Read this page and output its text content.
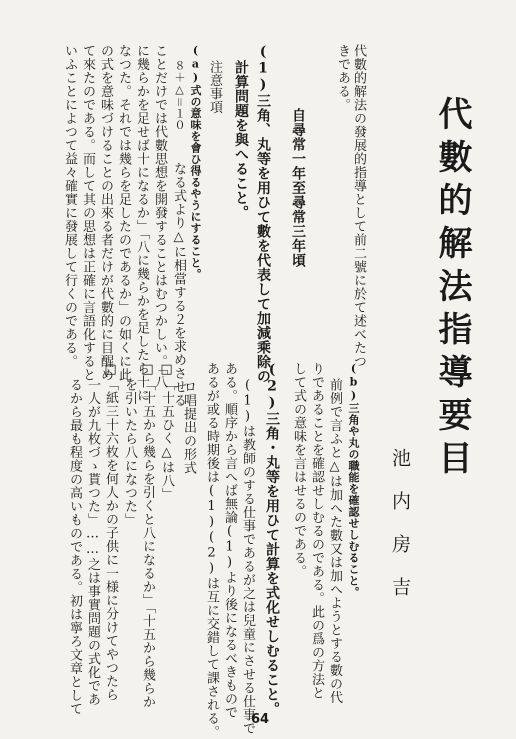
代數的解法指導要目
池内房吉
代數的解法の發展的指導として前二號に於て述べたつ
きである。
自尋常一年至尋常三年頃
(1)三角、丸等を用ひて數を代表して加減乘除の
計算問題を與へること。
注意事項
(a)式の意味を會ひ得るやうにすること。
８＋△＝１０
なる式より△に相當する２を求めさせる
ことだけでは代數思想を開發することはむつかしい。「八
に幾らかを足せば十になるか」「八に幾らかを足したら十に
なつた。それでは幾らを足したのであるか」の如くに此
の式を意味づけることの出來る者だけが代數的に目醒め
て來たのである。而して其の思想は正確に言語化すると
いふことによつて益々確實に發展して行くのである。
(b)三角や丸の職能を確認せしむること。
前例で言ふと△は加へた數又は加へようとする數の代
りであることを確認せしむるのである。此の爲の方法と
して式の意味を言はせるのである。
(2)三角・丸等を用ひて計算を式化せしむること。
(1)は教師のする仕事であるが之は兒童にさせる仕事で
ある。順序から言へば無論(1)より後になるべきもので
あるが或る時期後は(1)(2)は互に交錯して課される。
ロ唱提出の形式
□「十五ひく△は八」
□「十五から幾らを引くと八になるか」「十五から幾らか
を引いたら八になつた」
□「紙三十六枚を何人かの子供に一様に分けてやつたら
一人が九枚づゝ貰つた」……之は事實問題の式化であ
るから最も程度の高いものである。初は寧ろ文章として
64
